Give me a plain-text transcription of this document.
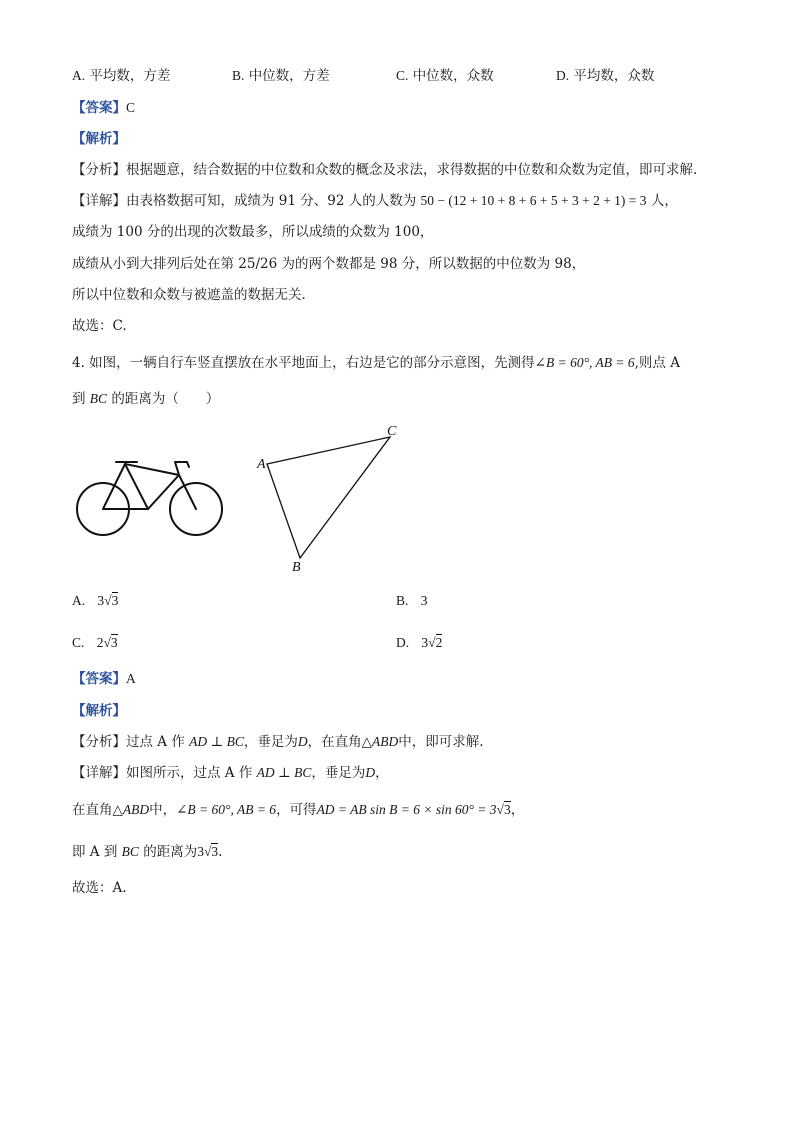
A. 平均数，方差	B. 中位数，方差	C. 中位数，众数	D. 平均数，众数
【答案】C
【解析】
【分析】根据题意，结合数据的中位数和众数的概念及求法，求得数据的中位数和众数为定值，即可求解.
【详解】由表格数据可知，成绩为 91 分、92 人的人数为 50 − (12 + 10 + 8 + 6 + 5 + 3 + 2 + 1) = 3 人，
成绩为 100 分的出现的次数最多，所以成绩的众数为 100，
成绩从小到大排列后处在第 25/26 为的两个数都是 98 分，所以数据的中位数为 98，
所以中位数和众数与被遮盖的数据无关.
故选：C.
4. 如图，一辆自行车竖直摆放在水平地面上，右边是它的部分示意图，先测得∠B = 60°, AB = 6,则点 A
到 BC 的距离为（　　）
A
C
B
A. 3√3	B. 3
C. 2√3	D. 3√2
【答案】A
【解析】
【分析】过点 A 作 AD ⊥ BC，垂足为D，在直角△ABD中，即可求解.
【详解】如图所示，过点 A 作 AD ⊥ BC，垂足为D，
在直角△ABD中，∠B = 60°, AB = 6，可得AD = AB sin B = 6 × sin 60° = 3√3，
即 A 到 BC 的距离为3√3.
故选：A.
